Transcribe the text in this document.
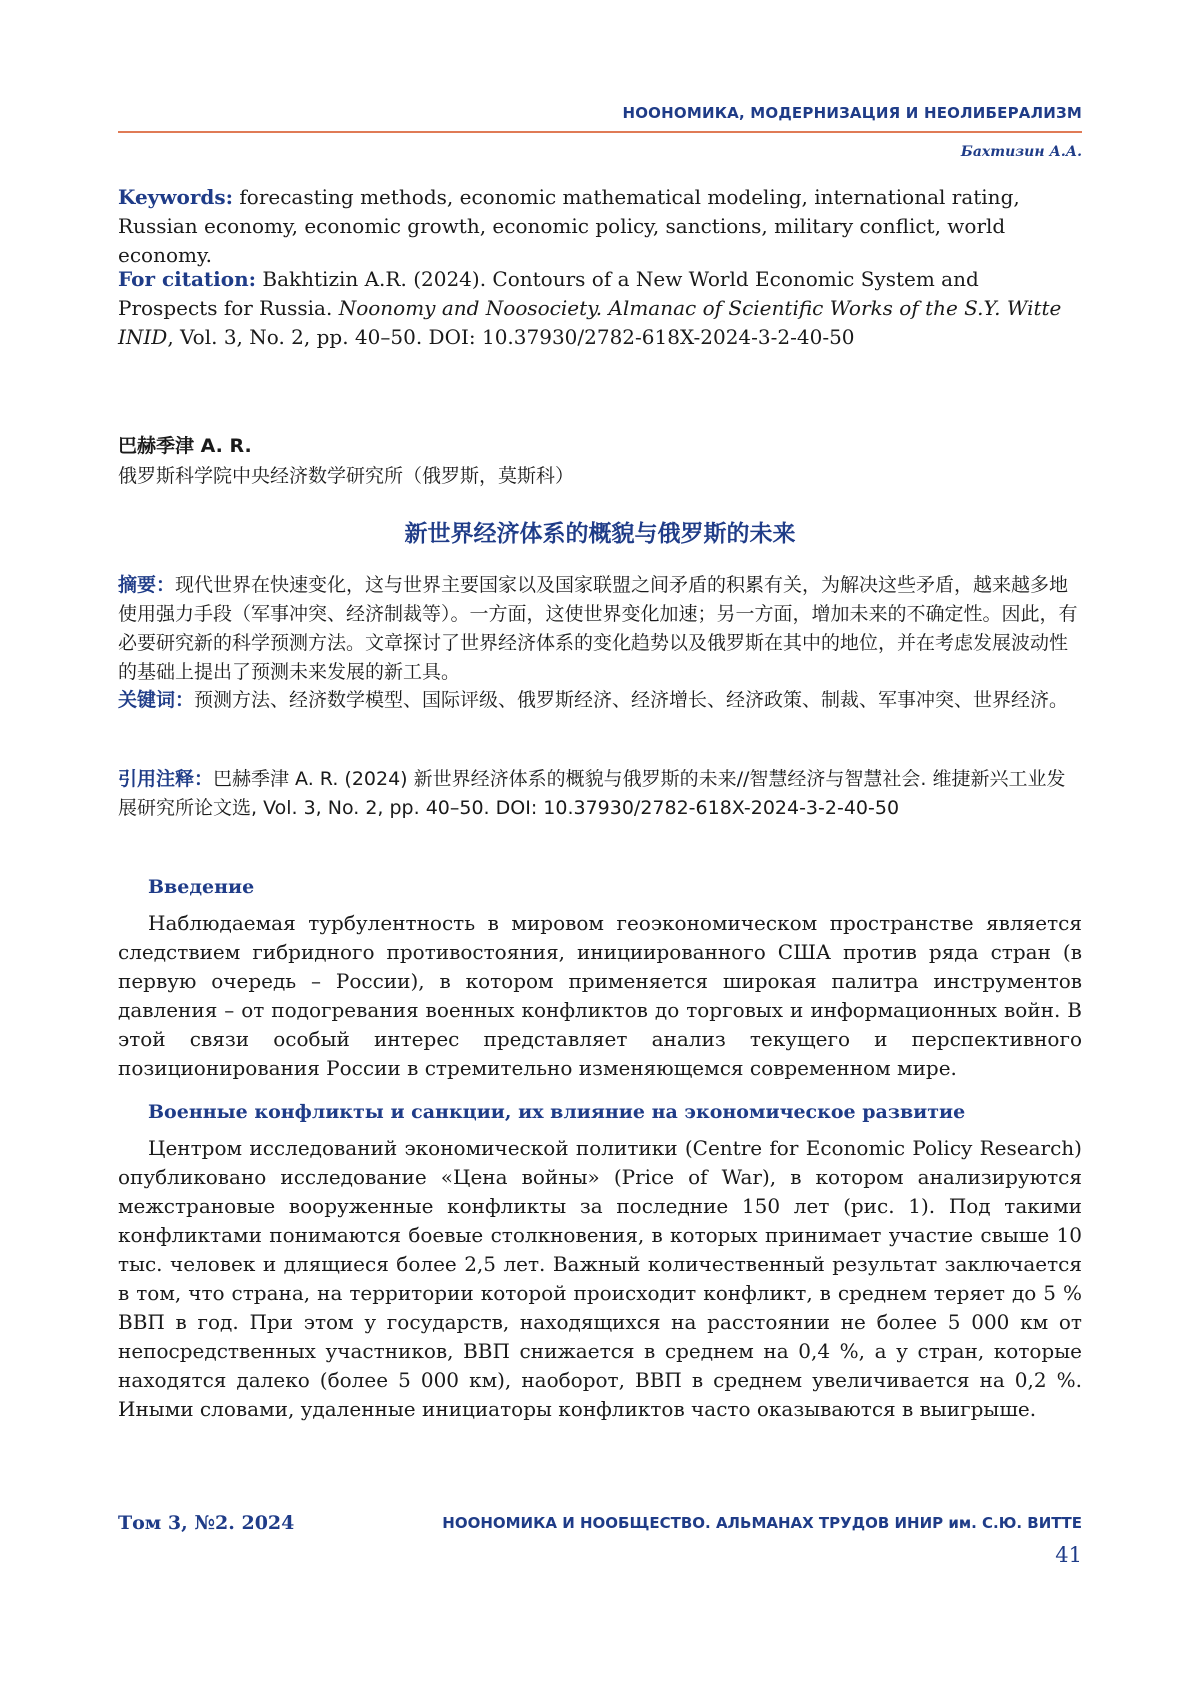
НООНОМИКА, МОДЕРНИЗАЦИЯ И НЕОЛИБЕРАЛИЗМ
Бахтизин А.А.
Keywords: forecasting methods, economic mathematical modeling, international rating, Russian economy, economic growth, economic policy, sanctions, military conflict, world economy.
For citation: Bakhtizin A.R. (2024). Contours of a New World Economic System and Prospects for Russia. Noonomy and Noosociety. Almanac of Scientific Works of the S.Y. Witte INID, Vol. 3, No. 2, pp. 40–50. DOI: 10.37930/2782-618X-2024-3-2-40-50
巴赫季津 A. R.
俄罗斯科学院中央经济数学研究所（俄罗斯，莫斯科）
新世界经济体系的概貌与俄罗斯的未来
摘要：现代世界在快速变化，这与世界主要国家以及国家联盟之间矛盾的积累有关，为解决这些矛盾，越来越多地使用强力手段（军事冲突、经济制裁等）。一方面，这使世界变化加速；另一方面，增加未来的不确定性。因此，有必要研究新的科学预测方法。文章探讨了世界经济体系的变化趋势以及俄罗斯在其中的地位，并在考虑发展波动性的基础上提出了预测未来发展的新工具。
关键词：预测方法、经济数学模型、国际评级、俄罗斯经济、经济增长、经济政策、制裁、军事冲突、世界经济。
引用注释：巴赫季津 A. R. (2024) 新世界经济体系的概貌与俄罗斯的未来//智慧经济与智慧社会. 维捷新兴工业发展研究所论文选, Vol. 3, No. 2, pp. 40–50. DOI: 10.37930/2782-618X-2024-3-2-40-50
Введение
Наблюдаемая турбулентность в мировом геоэкономическом пространстве является следствием гибридного противостояния, инициированного США против ряда стран (в первую очередь – России), в котором применяется широкая палитра инструментов давления – от подогревания военных конфликтов до торговых и информационных войн. В этой связи особый интерес представляет анализ текущего и перспективного позиционирования России в стремительно изменяющемся современном мире.
Военные конфликты и санкции, их влияние на экономическое развитие
Центром исследований экономической политики (Centre for Economic Policy Research) опубликовано исследование «Цена войны» (Price of War), в котором анализируются межстрановые вооруженные конфликты за последние 150 лет (рис. 1). Под такими конфликтами понимаются боевые столкновения, в которых принимает участие свыше 10 тыс. человек и длящиеся более 2,5 лет. Важный количественный результат заключается в том, что страна, на территории которой происходит конфликт, в среднем теряет до 5 % ВВП в год. При этом у государств, находящихся на расстоянии не более 5 000 км от непосредственных участников, ВВП снижается в среднем на 0,4 %, а у стран, которые находятся далеко (более 5 000 км), наоборот, ВВП в среднем увеличивается на 0,2 %. Иными словами, удаленные инициаторы конфликтов часто оказываются в выигрыше.
Том 3, №2. 2024	НООНОМИКА И НООБЩЕСТВО. АЛЬМАНАХ ТРУДОВ ИНИР им. С.Ю. ВИТТЕ
41
